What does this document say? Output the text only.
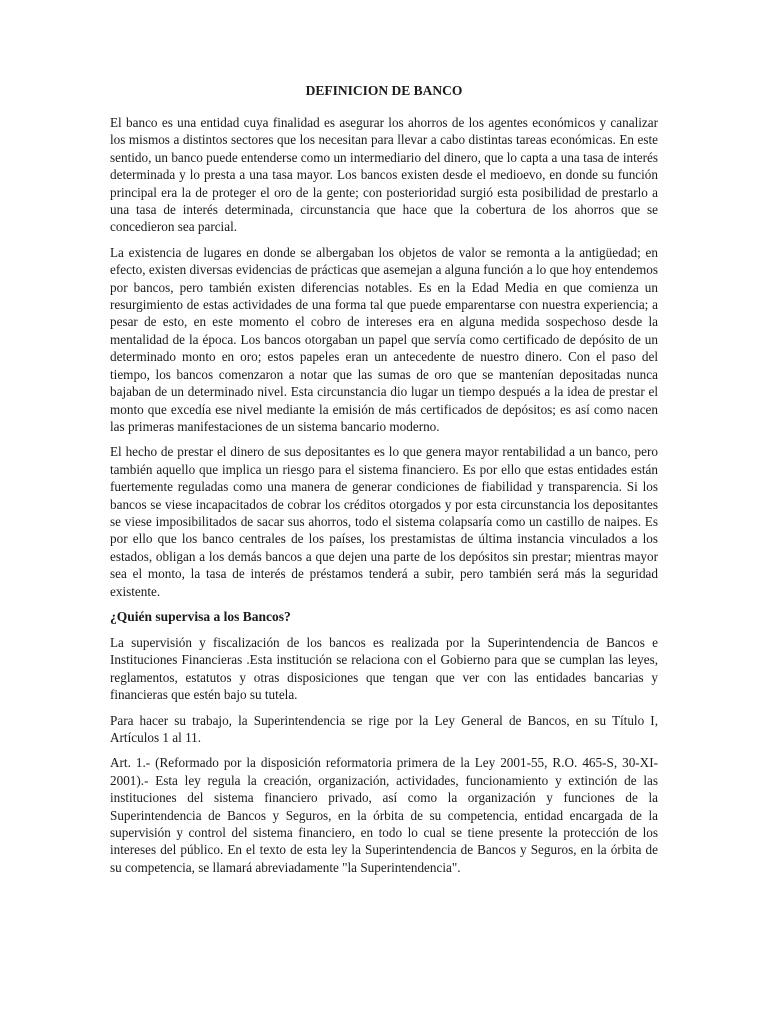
DEFINICION DE BANCO

El banco es una entidad cuya finalidad es asegurar los ahorros de los agentes económicos y canalizar los mismos a distintos sectores que los necesitan para llevar a cabo distintas tareas económicas. En este sentido, un banco puede entenderse como un intermediario del dinero, que lo capta a una tasa de interés determinada y lo presta a una tasa mayor. Los bancos existen desde el medioevo, en donde su función principal era la de proteger el oro de la gente; con posterioridad surgió esta posibilidad de prestarlo a una tasa de interés determinada, circunstancia que hace que la cobertura de los ahorros que se concedieron sea parcial.

La existencia de lugares en donde se albergaban los objetos de valor se remonta a la antigüedad; en efecto, existen diversas evidencias de prácticas que asemejan a alguna función a lo que hoy entendemos por bancos, pero también existen diferencias notables. Es en la Edad Media en que comienza un resurgimiento de estas actividades de una forma tal que puede emparentarse con nuestra experiencia; a pesar de esto, en este momento el cobro de intereses era en alguna medida sospechoso desde la mentalidad de la época. Los bancos otorgaban un papel que servía como certificado de depósito de un determinado monto en oro; estos papeles eran un antecedente de nuestro dinero. Con el paso del tiempo, los bancos comenzaron a notar que las sumas de oro que se mantenían depositadas nunca bajaban de un determinado nivel. Esta circunstancia dio lugar un tiempo después a la idea de prestar el monto que excedía ese nivel mediante la emisión de más certificados de depósitos; es así como nacen las primeras manifestaciones de un sistema bancario moderno.

El hecho de prestar el dinero de sus depositantes es lo que genera mayor rentabilidad a un banco, pero también aquello que implica un riesgo para el sistema financiero. Es por ello que estas entidades están fuertemente reguladas como una manera de generar condiciones de fiabilidad y transparencia. Si los bancos se viese incapacitados de cobrar los créditos otorgados y por esta circunstancia los depositantes se viese imposibilitados de sacar sus ahorros, todo el sistema colapsaría como un castillo de naipes. Es por ello que los banco centrales de los países, los prestamistas de última instancia vinculados a los estados, obligan a los demás bancos a que dejen una parte de los depósitos sin prestar; mientras mayor sea el monto, la tasa de interés de préstamos tenderá a subir, pero también será más la seguridad existente.

¿Quién supervisa a los Bancos?

La supervisión y fiscalización de los bancos es realizada por la Superintendencia de Bancos e Instituciones Financieras .Esta institución se relaciona con el Gobierno para que se cumplan las leyes, reglamentos, estatutos y otras disposiciones que tengan que ver con las entidades bancarias y financieras que estén bajo su tutela.

Para hacer su trabajo, la Superintendencia se rige por la Ley General de Bancos, en su Título I, Artículos 1 al 11.

Art. 1.- (Reformado por la disposición reformatoria primera de la Ley 2001-55, R.O. 465-S, 30-XI-2001).- Esta ley regula la creación, organización, actividades, funcionamiento y extinción de las instituciones del sistema financiero privado, así como la organización y funciones de la Superintendencia de Bancos y Seguros, en la órbita de su competencia, entidad encargada de la supervisión y control del sistema financiero, en todo lo cual se tiene presente la protección de los intereses del público. En el texto de esta ley la Superintendencia de Bancos y Seguros, en la órbita de su competencia, se llamará abreviadamente "la Superintendencia".
